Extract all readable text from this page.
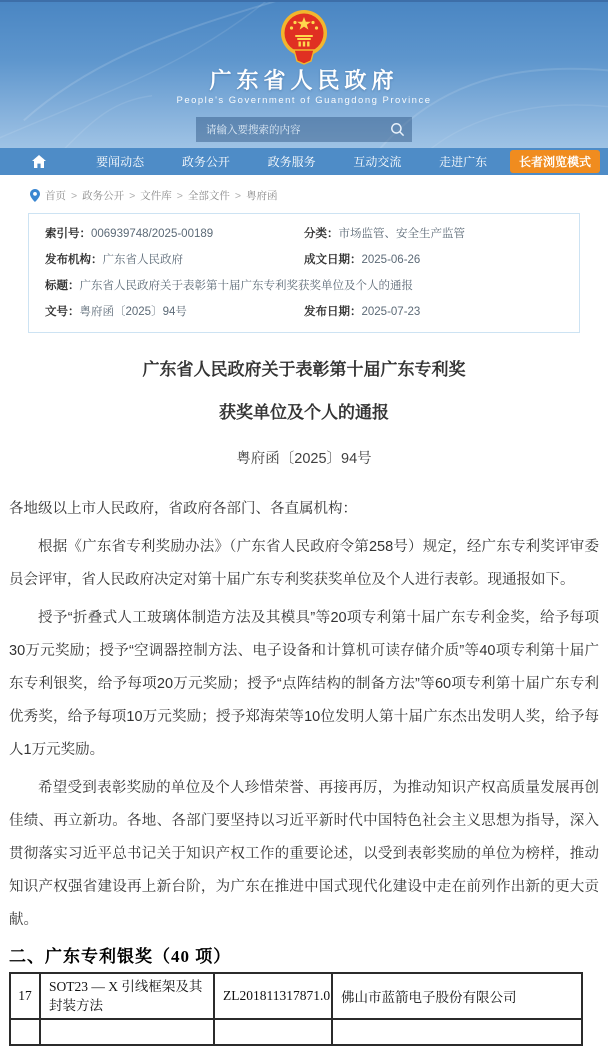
广东省人民政府
People's Government of Guangdong Province
请输入要搜索的内容
要闻动态	政务公开	政务服务	互动交流	走进广东	长者浏览模式
首页 > 政务公开 > 文件库 > 全部文件 > 粤府函
索引号：006939748/2025-00189	分类：市场监管、安全生产监管
发布机构：广东省人民政府	成文日期：2025-06-26
标题：广东省人民政府关于表彰第十届广东专利奖获奖单位及个人的通报
文号：粤府函〔2025〕94号	发布日期：2025-07-23
广东省人民政府关于表彰第十届广东专利奖
获奖单位及个人的通报
粤府函〔2025〕94号

各地级以上市人民政府，省政府各部门、各直属机构：

根据《广东省专利奖励办法》（广东省人民政府令第258号）规定，经广东专利奖评审委员会评审，省人民政府决定对第十届广东专利奖获奖单位及个人进行表彰。现通报如下。

授予“折叠式人工玻璃体制造方法及其模具”等20项专利第十届广东专利金奖，给予每项30万元奖励；授予“空调器控制方法、电子设备和计算机可读存储介质”等40项专利第十届广东专利银奖，给予每项20万元奖励；授予“点阵结构的制备方法”等60项专利第十届广东专利优秀奖，给予每项10万元奖励；授予郑海荣等10位发明人第十届广东杰出发明人奖，给予每人1万元奖励。

希望受到表彰奖励的单位及个人珍惜荣誉、再接再厉，为推动知识产权高质量发展再创佳绩、再立新功。各地、各部门要坚持以习近平新时代中国特色社会主义思想为指导，深入贯彻落实习近平总书记关于知识产权工作的重要论述，以受到表彰奖励的单位为榜样，推动知识产权强省建设再上新台阶，为广东在推进中国式现代化建设中走在前列作出新的更大贡献。

二、广东专利银奖（40 项）
17	SOT23 — X 引线框架及其封装方法	ZL201811317871.0	佛山市蓝箭电子股份有限公司
